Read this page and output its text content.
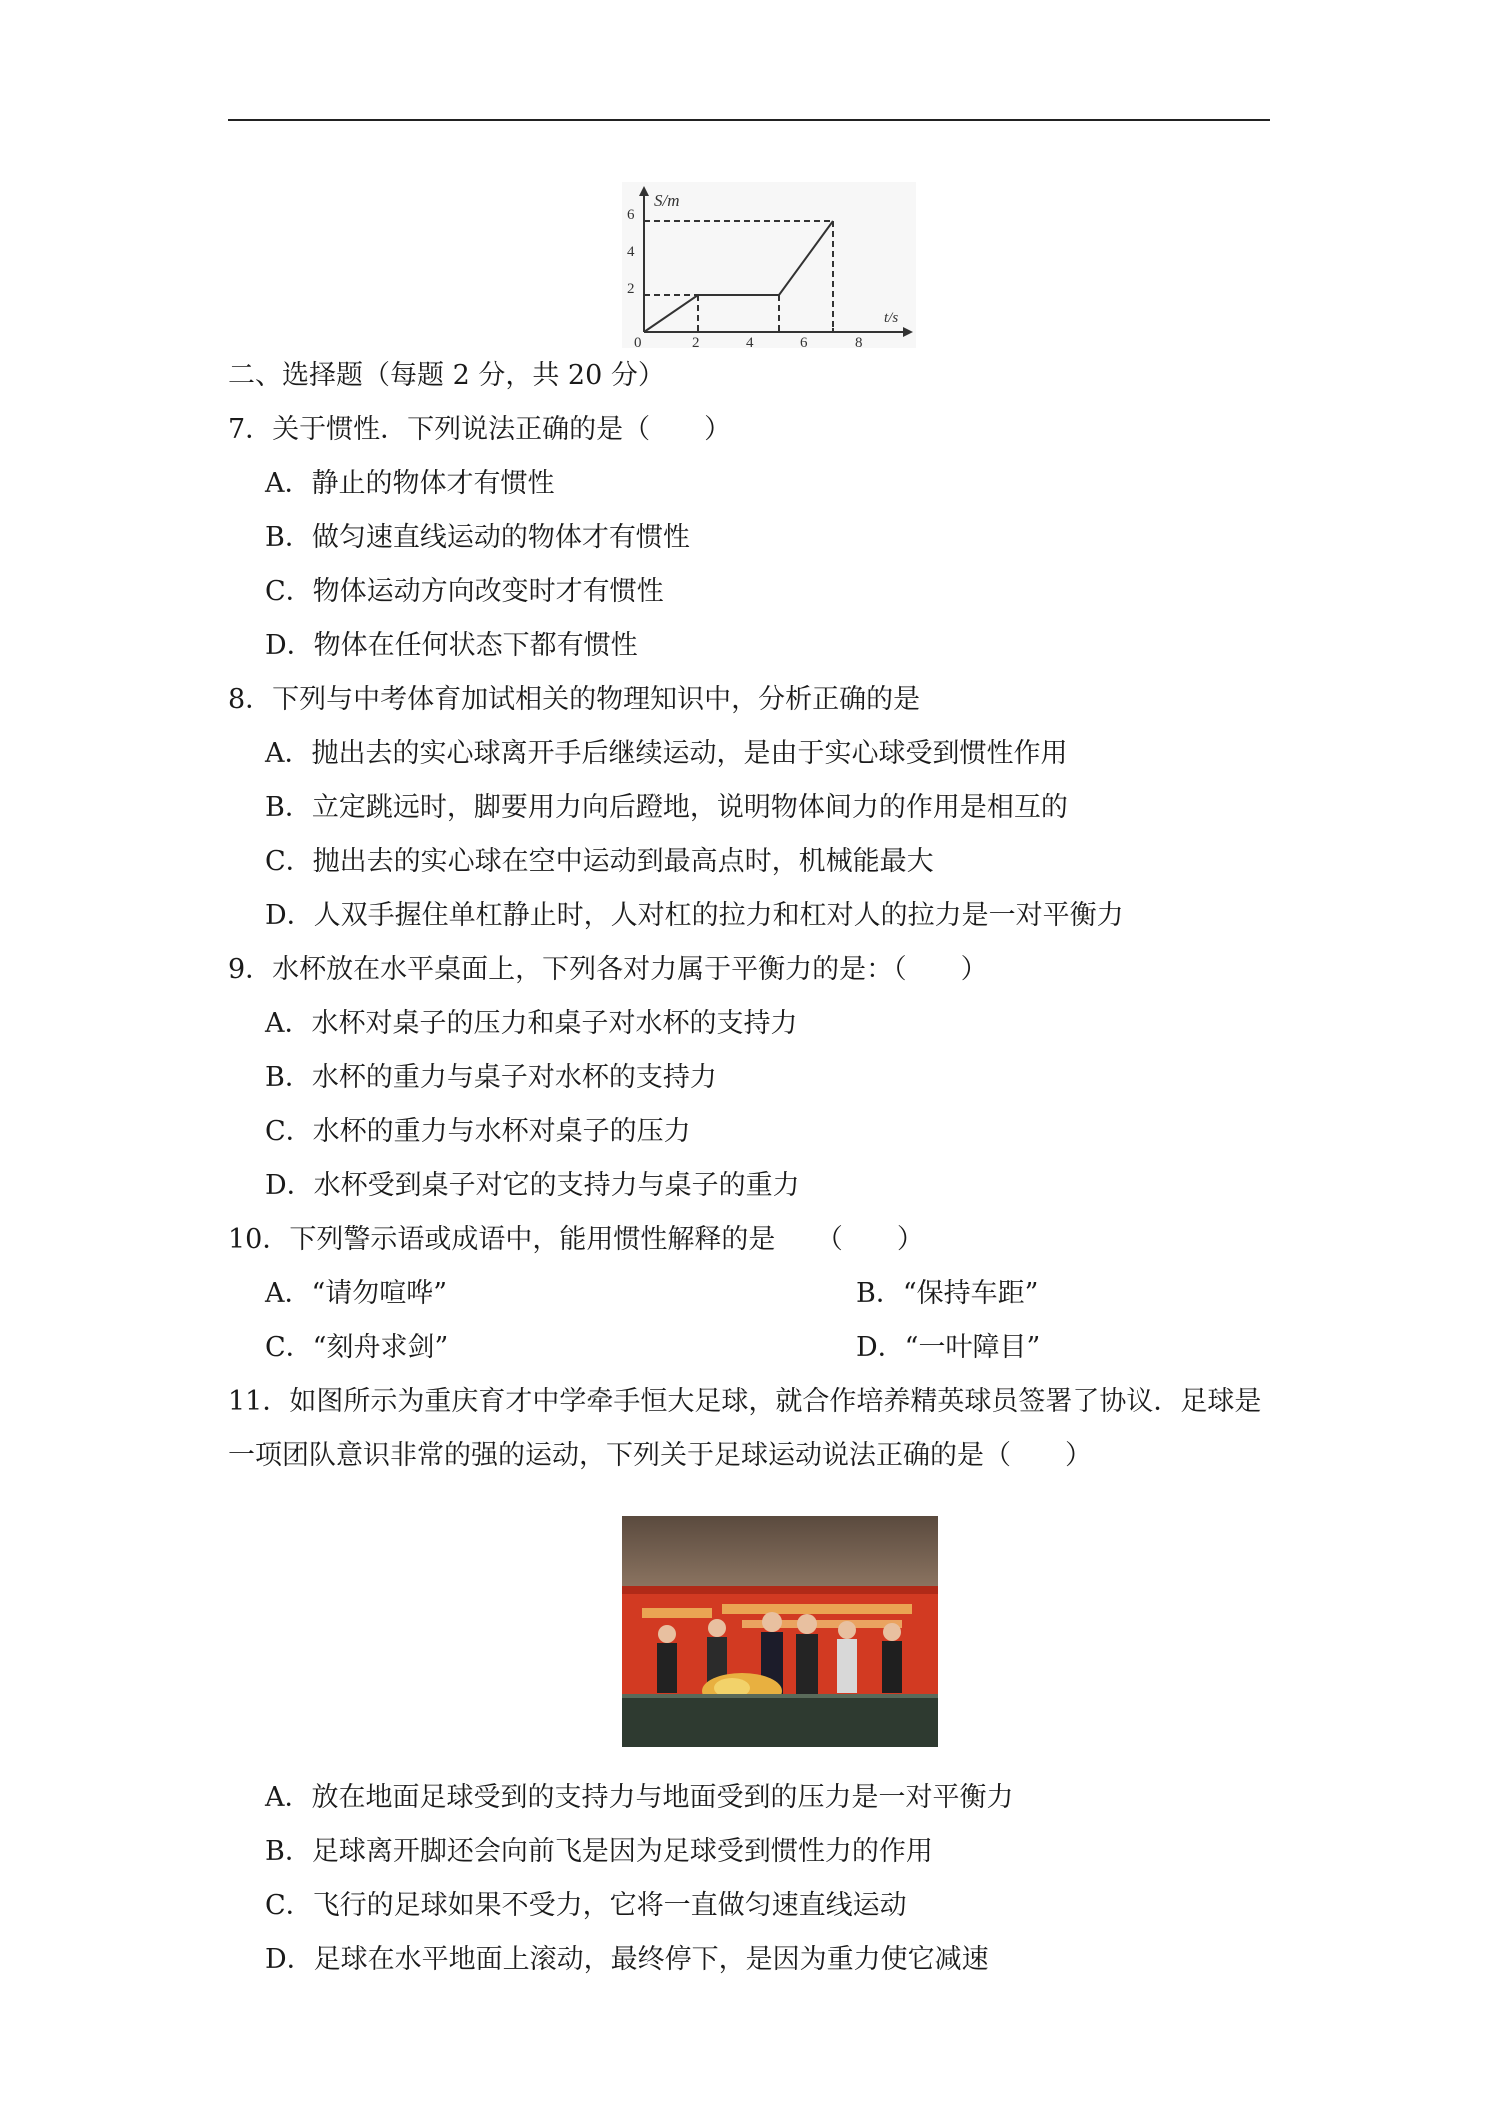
S/m
t/s
0	2	4	6	8
6
4
2
二、选择题（每题 2 分，共 20 分）
7．关于惯性．下列说法正确的是（　　）
A．静止的物体才有惯性
B．做匀速直线运动的物体才有惯性
C．物体运动方向改变时才有惯性
D．物体在任何状态下都有惯性
8．下列与中考体育加试相关的物理知识中，分析正确的是
A．抛出去的实心球离开手后继续运动，是由于实心球受到惯性作用
B．立定跳远时，脚要用力向后蹬地，说明物体间力的作用是相互的
C．抛出去的实心球在空中运动到最高点时，机械能最大
D．人双手握住单杠静止时，人对杠的拉力和杠对人的拉力是一对平衡力
9．水杯放在水平桌面上，下列各对力属于平衡力的是：（　　）
A．水杯对桌子的压力和桌子对水杯的支持力
B．水杯的重力与桌子对水杯的支持力
C．水杯的重力与水杯对桌子的压力
D．水杯受到桌子对它的支持力与桌子的重力
10．下列警示语或成语中，能用惯性解释的是　　（　　）
A．“请勿喧哗”	B．“保持车距”
C．“刻舟求剑”	D．“一叶障目”
11．如图所示为重庆育才中学牵手恒大足球，就合作培养精英球员签署了协议．足球是
一项团队意识非常的强的运动，下列关于足球运动说法正确的是（　　）
A．放在地面足球受到的支持力与地面受到的压力是一对平衡力
B．足球离开脚还会向前飞是因为足球受到惯性力的作用
C．飞行的足球如果不受力，它将一直做匀速直线运动
D．足球在水平地面上滚动，最终停下，是因为重力使它减速
